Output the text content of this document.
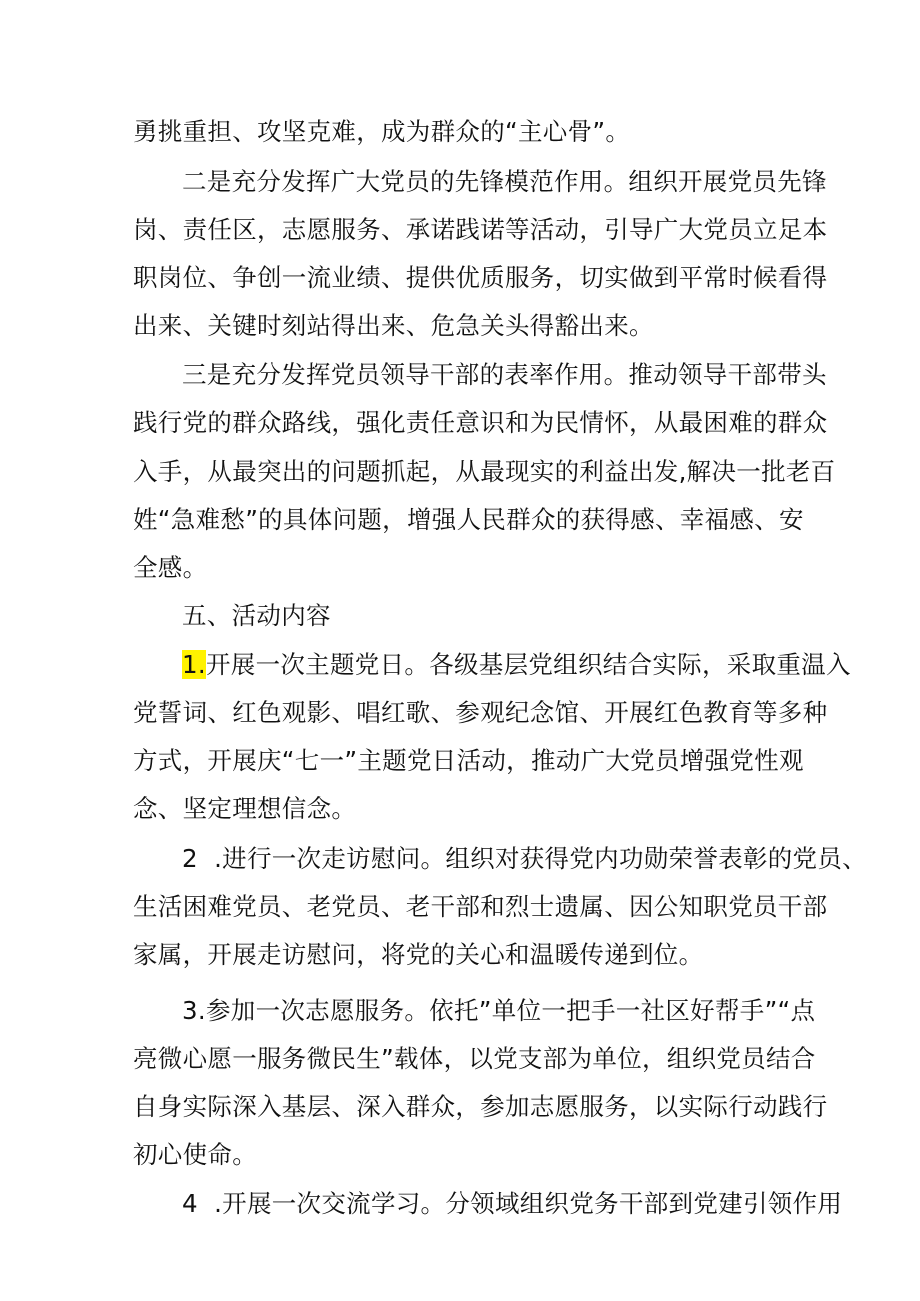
勇挑重担、攻坚克难，成为群众的“主心骨”。
二是充分发挥广大党员的先锋模范作用。组织开展党员先锋
岗、责任区，志愿服务、承诺践诺等活动，引导广大党员立足本
职岗位、争创一流业绩、提供优质服务，切实做到平常时候看得
出来、关键时刻站得出来、危急关头得豁出来。
三是充分发挥党员领导干部的表率作用。推动领导干部带头
践行党的群众路线，强化责任意识和为民情怀，从最困难的群众
入手，从最突出的问题抓起，从最现实的利益出发,解决一批老百
姓“急难愁”的具体问题，增强人民群众的获得感、幸福感、安
全感。
五、活动内容
1.开展一次主题党日。各级基层党组织结合实际，采取重温入
党誓词、红色观影、唱红歌、参观纪念馆、开展红色教育等多种
方式，开展庆“七一”主题党日活动，推动广大党员增强党性观
念、坚定理想信念。
2  .进行一次走访慰问。组织对获得党内功勋荣誉表彰的党员、
生活困难党员、老党员、老干部和烈士遗属、因公知职党员干部
家属，开展走访慰问，将党的关心和温暖传递到位。
3.参加一次志愿服务。依托”单位一把手一社区好帮手”“点
亮微心愿一服务微民生”载体，以党支部为单位，组织党员结合
自身实际深入基层、深入群众，参加志愿服务，以实际行动践行
初心使命。
4  .开展一次交流学习。分领域组织党务干部到党建引领作用
